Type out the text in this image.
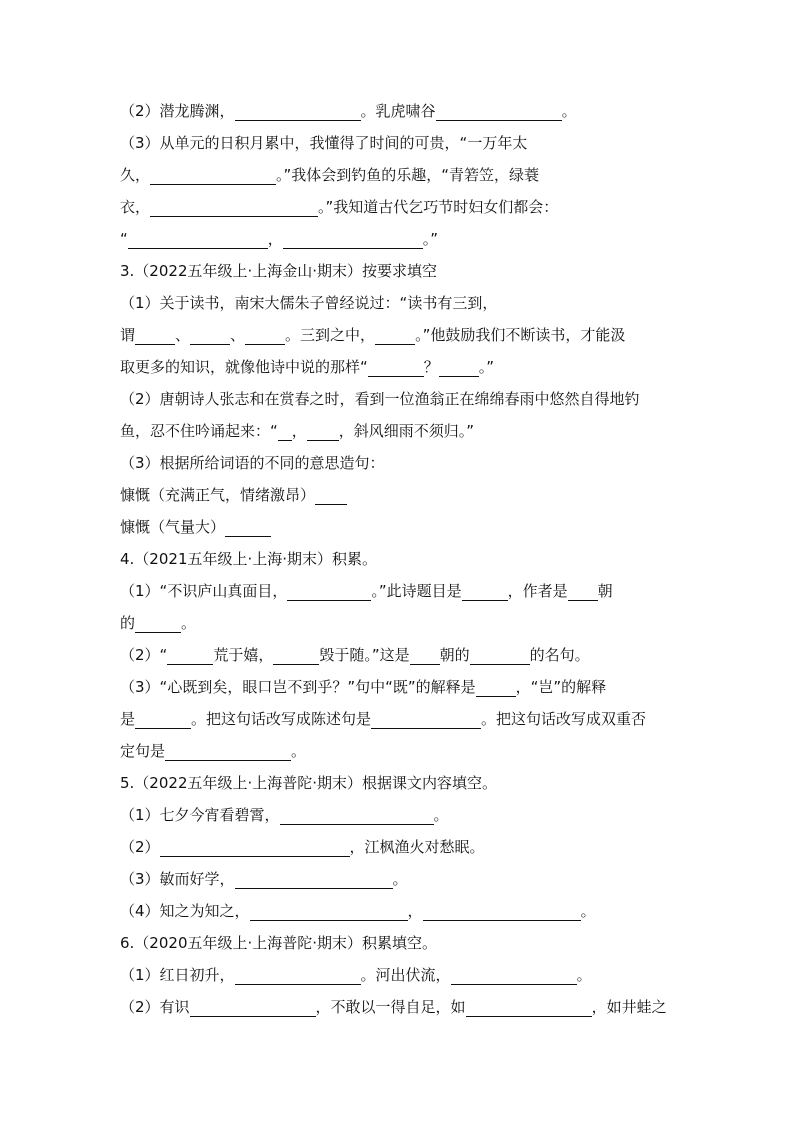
（2）潜龙腾渊，	。乳虎啸谷	。
（3）从单元的日积月累中，我懂得了时间的可贵，“一万年太
久，	。”我体会到钓鱼的乐趣，“青箬笠，绿蓑
衣，	。”我知道古代乞巧节时妇女们都会：
“	，	。”
3.（2022五年级上·上海金山·期末）按要求填空
（1）关于读书，南宋大儒朱子曾经说过：“读书有三到，
谓	、	、	。三到之中，	。”他鼓励我们不断读书，才能汲
取更多的知识，就像他诗中说的那样“	？	。”
（2）唐朝诗人张志和在赏春之时，看到一位渔翁正在绵绵春雨中悠然自得地钓
鱼，忍不住吟诵起来：“ ， ，斜风细雨不须归。”
（3）根据所给词语的不同的意思造句：
慷慨（充满正气，情绪激昂）
慷慨（气量大）
4.（2021五年级上·上海·期末）积累。
（1）“不识庐山真面目，	。”此诗题目是	，作者是 朝
的	。
（2）“	荒于嬉，	毁于随。”这是 朝的	的名句。
（3）“心既到矣，眼口岂不到乎？”句中“既”的解释是	，“岂”的解释
是	。把这句话改写成陈述句是	。把这句话改写成双重否
定句是	。
5.（2022五年级上·上海普陀·期末）根据课文内容填空。
（1）七夕今宵看碧霄，	。
（2）	，江枫渔火对愁眠。
（3）敏而好学，	。
（4）知之为知之，	，	。
6.（2020五年级上·上海普陀·期末）积累填空。
（1）红日初升，	。河出伏流，	。
（2）有识	，不敢以一得自足，如	，如井蛙之
